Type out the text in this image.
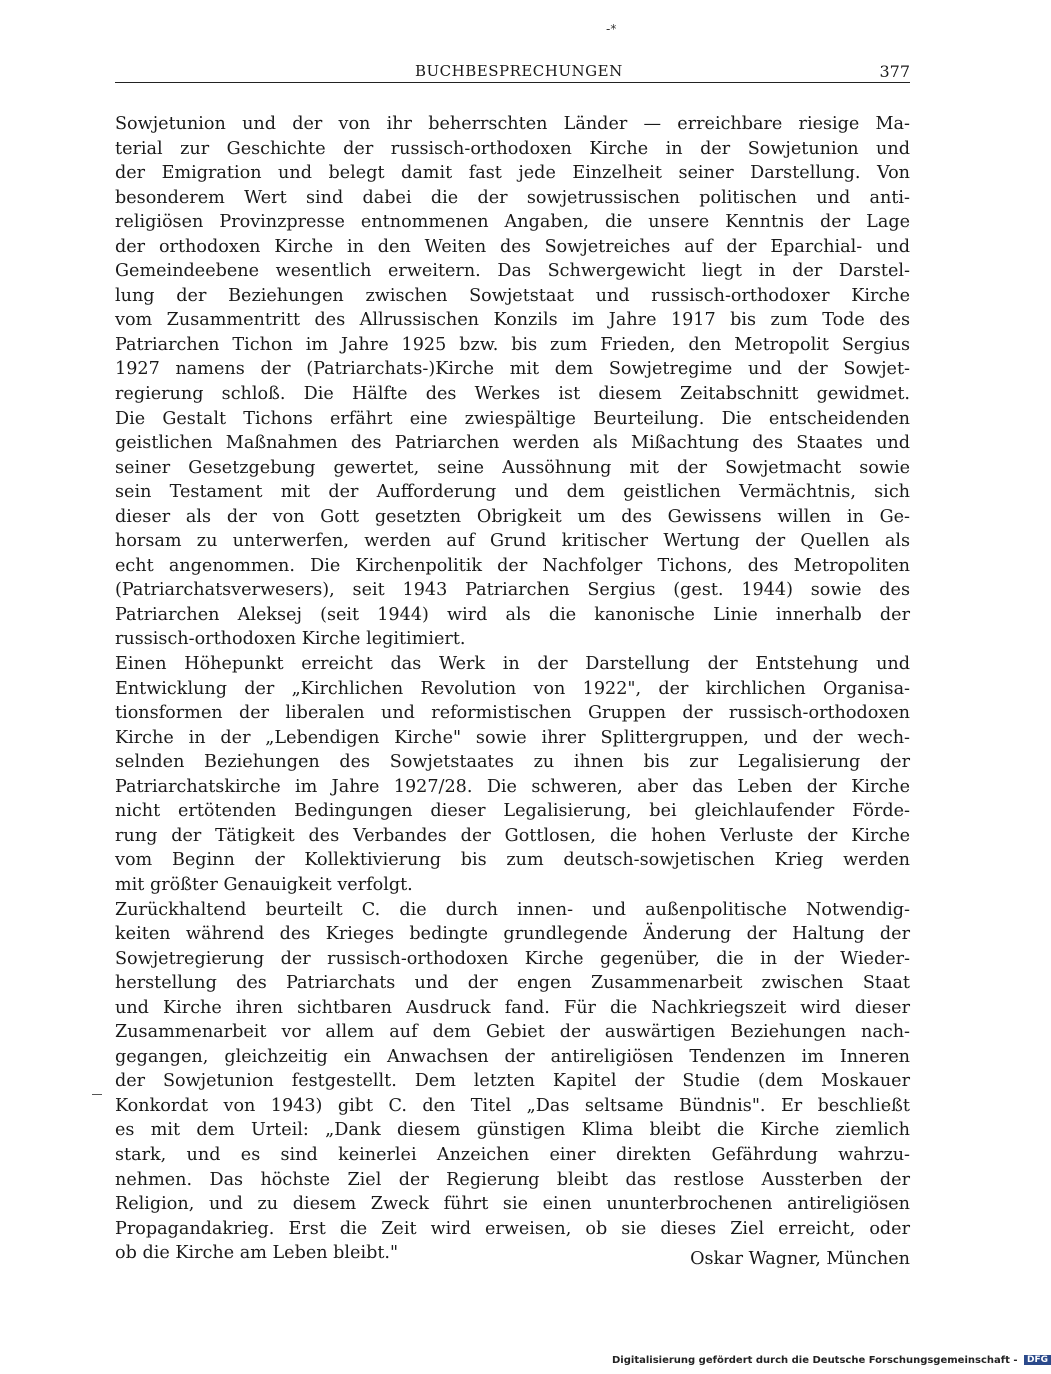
-*
BUCHBESPRECHUNGEN	377
Sowjetunion und der von ihr beherrschten Länder — erreichbare riesige Ma-
terial zur Geschichte der russisch-orthodoxen Kirche in der Sowjetunion und
der Emigration und belegt damit fast jede Einzelheit seiner Darstellung. Von
besonderem Wert sind dabei die der sowjetrussischen politischen und anti-
religiösen Provinzpresse entnommenen Angaben, die unsere Kenntnis der Lage
der orthodoxen Kirche in den Weiten des Sowjetreiches auf der Eparchial- und
Gemeindeebene wesentlich erweitern. Das Schwergewicht liegt in der Darstel-
lung der Beziehungen zwischen Sowjetstaat und russisch-orthodoxer Kirche
vom Zusammentritt des Allrussischen Konzils im Jahre 1917 bis zum Tode des
Patriarchen Tichon im Jahre 1925 bzw. bis zum Frieden, den Metropolit Sergius
1927 namens der (Patriarchats-)Kirche mit dem Sowjetregime und der Sowjet-
regierung schloß. Die Hälfte des Werkes ist diesem Zeitabschnitt gewidmet.
Die Gestalt Tichons erfährt eine zwiespältige Beurteilung. Die entscheidenden
geistlichen Maßnahmen des Patriarchen werden als Mißachtung des Staates und
seiner Gesetzgebung gewertet, seine Aussöhnung mit der Sowjetmacht sowie
sein Testament mit der Aufforderung und dem geistlichen Vermächtnis, sich
dieser als der von Gott gesetzten Obrigkeit um des Gewissens willen in Ge-
horsam zu unterwerfen, werden auf Grund kritischer Wertung der Quellen als
echt angenommen. Die Kirchenpolitik der Nachfolger Tichons, des Metropoliten
(Patriarchatsverwesers), seit 1943 Patriarchen Sergius (gest. 1944) sowie des
Patriarchen Aleksej (seit 1944) wird als die kanonische Linie innerhalb der
russisch-orthodoxen Kirche legitimiert.
Einen Höhepunkt erreicht das Werk in der Darstellung der Entstehung und
Entwicklung der „Kirchlichen Revolution von 1922", der kirchlichen Organisa-
tionsformen der liberalen und reformistischen Gruppen der russisch-orthodoxen
Kirche in der „Lebendigen Kirche" sowie ihrer Splittergruppen, und der wech-
selnden Beziehungen des Sowjetstaates zu ihnen bis zur Legalisierung der
Patriarchatskirche im Jahre 1927/28. Die schweren, aber das Leben der Kirche
nicht ertötenden Bedingungen dieser Legalisierung, bei gleichlaufender Förde-
rung der Tätigkeit des Verbandes der Gottlosen, die hohen Verluste der Kirche
vom Beginn der Kollektivierung bis zum deutsch-sowjetischen Krieg werden
mit größter Genauigkeit verfolgt.
Zurückhaltend beurteilt C. die durch innen- und außenpolitische Notwendig-
keiten während des Krieges bedingte grundlegende Änderung der Haltung der
Sowjetregierung der russisch-orthodoxen Kirche gegenüber, die in der Wieder-
herstellung des Patriarchats und der engen Zusammenarbeit zwischen Staat
und Kirche ihren sichtbaren Ausdruck fand. Für die Nachkriegszeit wird dieser
Zusammenarbeit vor allem auf dem Gebiet der auswärtigen Beziehungen nach-
gegangen, gleichzeitig ein Anwachsen der antireligiösen Tendenzen im Inneren
der Sowjetunion festgestellt. Dem letzten Kapitel der Studie (dem Moskauer
Konkordat von 1943) gibt C. den Titel „Das seltsame Bündnis". Er beschließt
es mit dem Urteil: „Dank diesem günstigen Klima bleibt die Kirche ziemlich
stark, und es sind keinerlei Anzeichen einer direkten Gefährdung wahrzu-
nehmen. Das höchste Ziel der Regierung bleibt das restlose Aussterben der
Religion, und zu diesem Zweck führt sie einen ununterbrochenen antireligiösen
Propagandakrieg. Erst die Zeit wird erweisen, ob sie dieses Ziel erreicht, oder
ob die Kirche am Leben bleibt."	Oskar Wagner, München
Digitalisierung gefördert durch die Deutsche Forschungsgemeinschaft - DFG
